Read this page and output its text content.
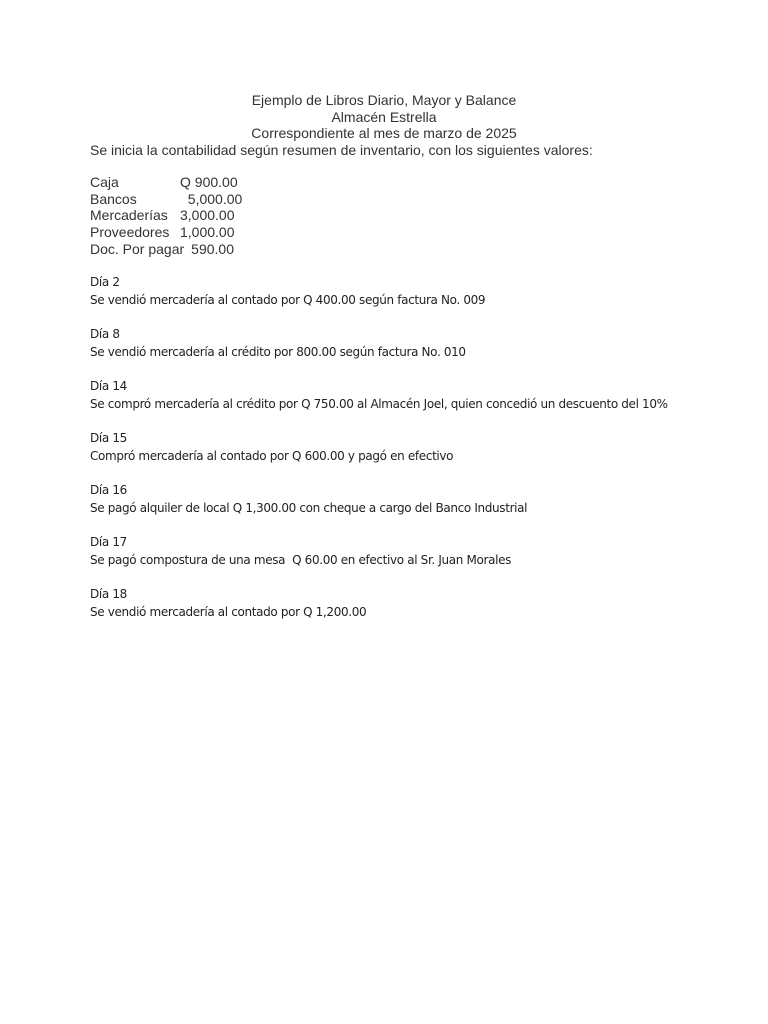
Ejemplo de Libros Diario, Mayor y Balance
Almacén Estrella
Correspondiente al mes de marzo de 2025
Se inicia la contabilidad según resumen de inventario, con los siguientes valores:
Caja	Q 900.00
Bancos	5,000.00
Mercaderías 3,000.00
Proveedores 1,000.00
Doc. Por pagar 590.00
Día 2
Se vendió mercadería al contado por Q 400.00 según factura No. 009
Día 8
Se vendió mercadería al crédito por 800.00 según factura No. 010
Día 14
Se compró mercadería al crédito por Q 750.00 al Almacén Joel, quien concedió un descuento del 10%
Día 15
Compró mercadería al contado por Q 600.00 y pagó en efectivo
Día 16
Se pagó alquiler de local Q 1,300.00 con cheque a cargo del Banco Industrial
Día 17
Se pagó compostura de una mesa  Q 60.00 en efectivo al Sr. Juan Morales
Día 18
Se vendió mercadería al contado por Q 1,200.00
